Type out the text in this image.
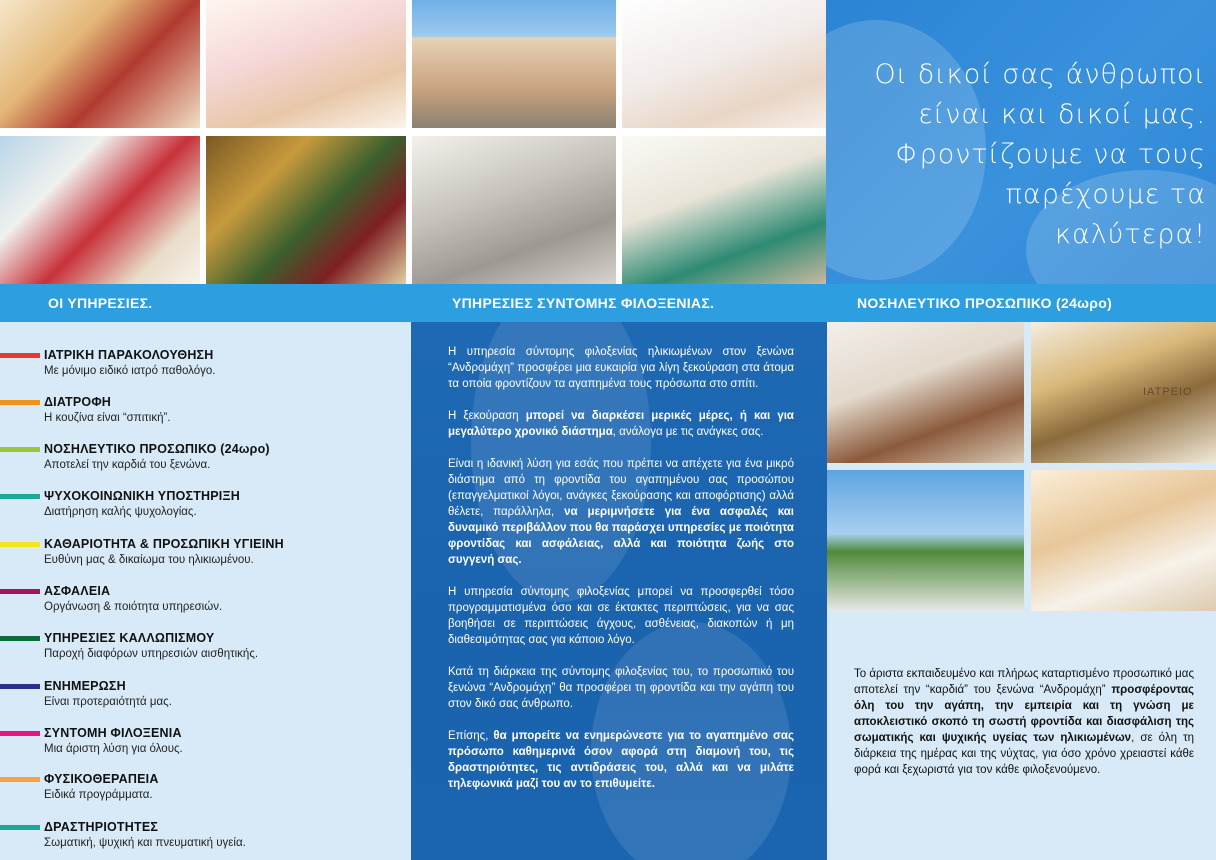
Οι δικοί σας άνθρωποι
είναι και δικοί μας.
Φροντίζουμε να τους
παρέχουμε τα καλύτερα!
ΟΙ ΥΠΗΡΕΣΙΕΣ.	ΥΠΗΡΕΣΙΕΣ ΣΥΝΤΟΜΗΣ ΦΙΛΟΞΕΝΙΑΣ.	ΝΟΣΗΛΕΥΤΙΚΟ ΠΡΟΣΩΠΙΚΟ (24ωρο)
ΙΑΤΡΙΚΗ ΠΑΡΑΚΟΛΟΥΘΗΣΗ
Με μόνιμο ειδικό ιατρό παθολόγο.
ΔΙΑΤΡΟΦΗ
Η κουζίνα είναι “σπιτική”.
ΝΟΣΗΛΕΥΤΙΚΟ ΠΡΟΣΩΠΙΚΟ (24ωρο)
Αποτελεί την καρδιά του ξενώνα.
ΨΥΧΟΚΟΙΝΩΝΙΚΗ ΥΠΟΣΤΗΡΙΞΗ
Διατήρηση καλής ψυχολογίας.
ΚΑΘΑΡΙΟΤΗΤΑ & ΠΡΟΣΩΠΙΚΗ ΥΓΙΕΙΝΗ
Ευθύνη μας & δικαίωμα του ηλικιωμένου.
ΑΣΦΑΛΕΙΑ
Οργάνωση & ποιότητα υπηρεσιών.
ΥΠΗΡΕΣΙΕΣ ΚΑΛΛΩΠΙΣΜΟΥ
Παροχή διαφόρων υπηρεσιών αισθητικής.
ΕΝΗΜΕΡΩΣΗ
Είναι προτεραιότητά μας.
ΣΥΝΤΟΜΗ ΦΙΛΟΞΕΝΙΑ
Μια άριστη λύση για όλους.
ΦΥΣΙΚΟΘΕΡΑΠΕΙΑ
Ειδικά προγράμματα.
ΔΡΑΣΤΗΡΙΟΤΗΤΕΣ
Σωματική, ψυχική και πνευματική υγεία.

Η υπηρεσία σύντομης φιλοξενίας ηλικιωμένων στον ξενώνα “Ανδρομάχη” προσφέρει μια ευκαιρία για λίγη ξεκούραση στα άτομα τα οποία φροντίζουν τα αγαπημένα τους πρόσωπα στο σπίτι.

Η ξεκούραση μπορεί να διαρκέσει μερικές μέρες, ή και για μεγαλύτερο χρονικό διάστημα, ανάλογα με τις ανάγκες σας.

Είναι η ιδανική λύση για εσάς που πρέπει να απέχετε για ένα μικρό διάστημα από τη φροντίδα του αγαπημένου σας προσώπου (επαγγελματικοί λόγοι, ανάγκες ξεκούρασης και αποφόρτισης) αλλά θέλετε, παράλληλα, να μεριμνήσετε για ένα ασφαλές και δυναμικό περιβάλλον που θα παράσχει υπηρεσίες με ποιότητα φροντίδας και ασφάλειας, αλλά και ποιότητα ζωής στο συγγενή σας.

Η υπηρεσία σύντομης φιλοξενίας μπορεί να προσφερθεί τόσο προγραμματισμένα όσο και σε έκτακτες περιπτώσεις, για να σας βοηθήσει σε περιπτώσεις άγχους, ασθένειας, διακοπών ή μη διαθεσιμότητας σας για κάποιο λόγο.

Κατά τη διάρκεια της σύντομης φιλοξενίας του, το προσωπικό του ξενώνα “Ανδρομάχη” θα προσφέρει τη φροντίδα και την αγάπη του στον δικό σας άνθρωπο.

Επίσης, θα μπορείτε να ενημερώνεστε για το αγαπημένο σας πρόσωπο καθημερινά όσον αφορά στη διαμονή του, τις δραστηριότητες, τις αντιδράσεις του, αλλά και να μιλάτε τηλεφωνικά μαζί του αν το επιθυμείτε.

ΙΑΤΡΕΙΟ
Το άριστα εκπαιδευμένο και πλήρως καταρτισμένο προσωπικό μας αποτελεί την “καρδιά” του ξενώνα “Ανδρομάχη” προσφέροντας όλη του την αγάπη, την εμπειρία και τη γνώση με αποκλειστικό σκοπό τη σωστή φροντίδα και διασφάλιση της σωματικής και ψυχικής υγείας των ηλικιωμένων, σε όλη τη διάρκεια της ημέρας και της νύχτας, για όσο χρόνο χρειαστεί κάθε φορά και ξεχωριστά για τον κάθε φιλοξενούμενο.
